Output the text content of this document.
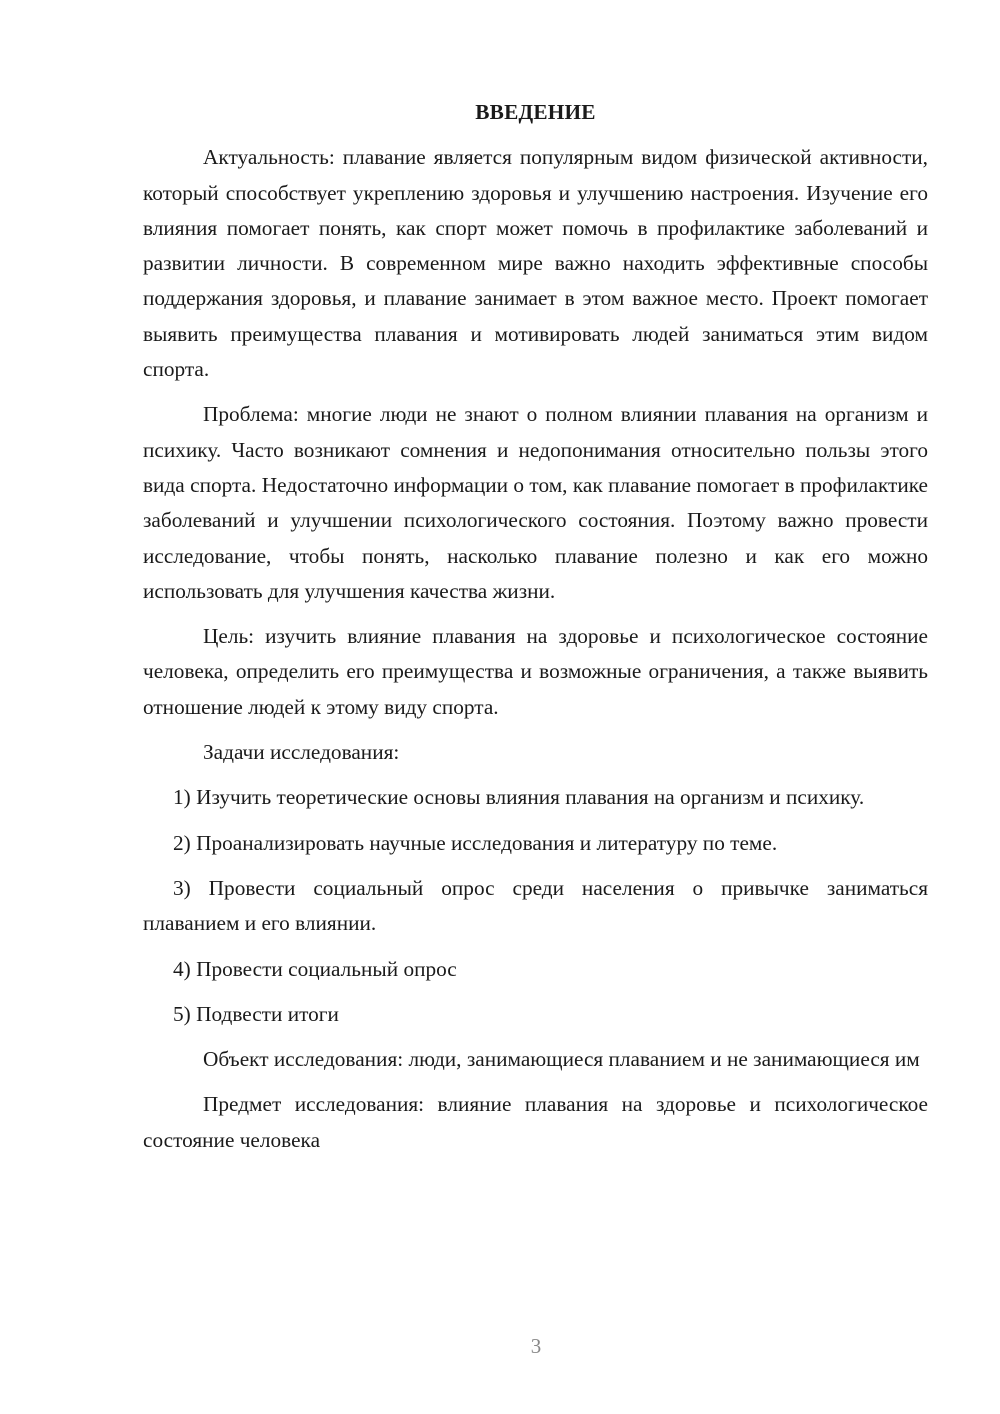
ВВЕДЕНИЕ

Актуальность: плавание является популярным видом физической активности, который способствует укреплению здоровья и улучшению настроения. Изучение его влияния помогает понять, как спорт может помочь в профилактике заболеваний и развитии личности. В современном мире важно находить эффективные способы поддержания здоровья, и плавание занимает в этом важное место. Проект помогает выявить преимущества плавания и мотивировать людей заниматься этим видом спорта.

Проблема: многие люди не знают о полном влиянии плавания на организм и психику. Часто возникают сомнения и недопонимания относительно пользы этого вида спорта. Недостаточно информации о том, как плавание помогает в профилактике заболеваний и улучшении психологического состояния. Поэтому важно провести исследование, чтобы понять, насколько плавание полезно и как его можно использовать для улучшения качества жизни.

Цель: изучить влияние плавания на здоровье и психологическое состояние человека, определить его преимущества и возможные ограничения, а также выявить отношение людей к этому виду спорта.

Задачи исследования:

1) Изучить теоретические основы влияния плавания на организм и психику.

2) Проанализировать научные исследования и литературу по теме.

3) Провести социальный опрос среди населения о привычке заниматься плаванием и его влиянии.

4) Провести социальный опрос

5) Подвести итоги

Объект исследования: люди, занимающиеся плаванием и не занимающиеся им

Предмет исследования: влияние плавания на здоровье и психологическое состояние человека

3
